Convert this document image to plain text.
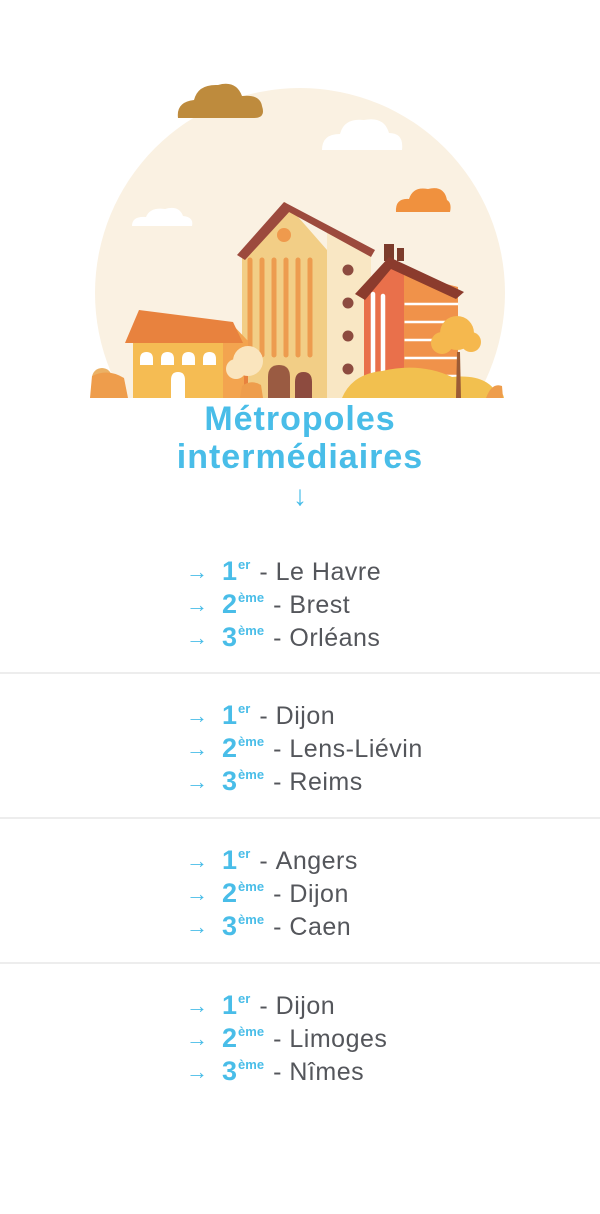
Métropoles
intermédiaires
↓
→ 1er - Le Havre
→ 2ème - Brest
→ 3ème - Orléans
→ 1er - Dijon
→ 2ème - Lens-Liévin
→ 3ème - Reims
→ 1er - Angers
→ 2ème - Dijon
→ 3ème - Caen
→ 1er - Dijon
→ 2ème - Limoges
→ 3ème - Nîmes
